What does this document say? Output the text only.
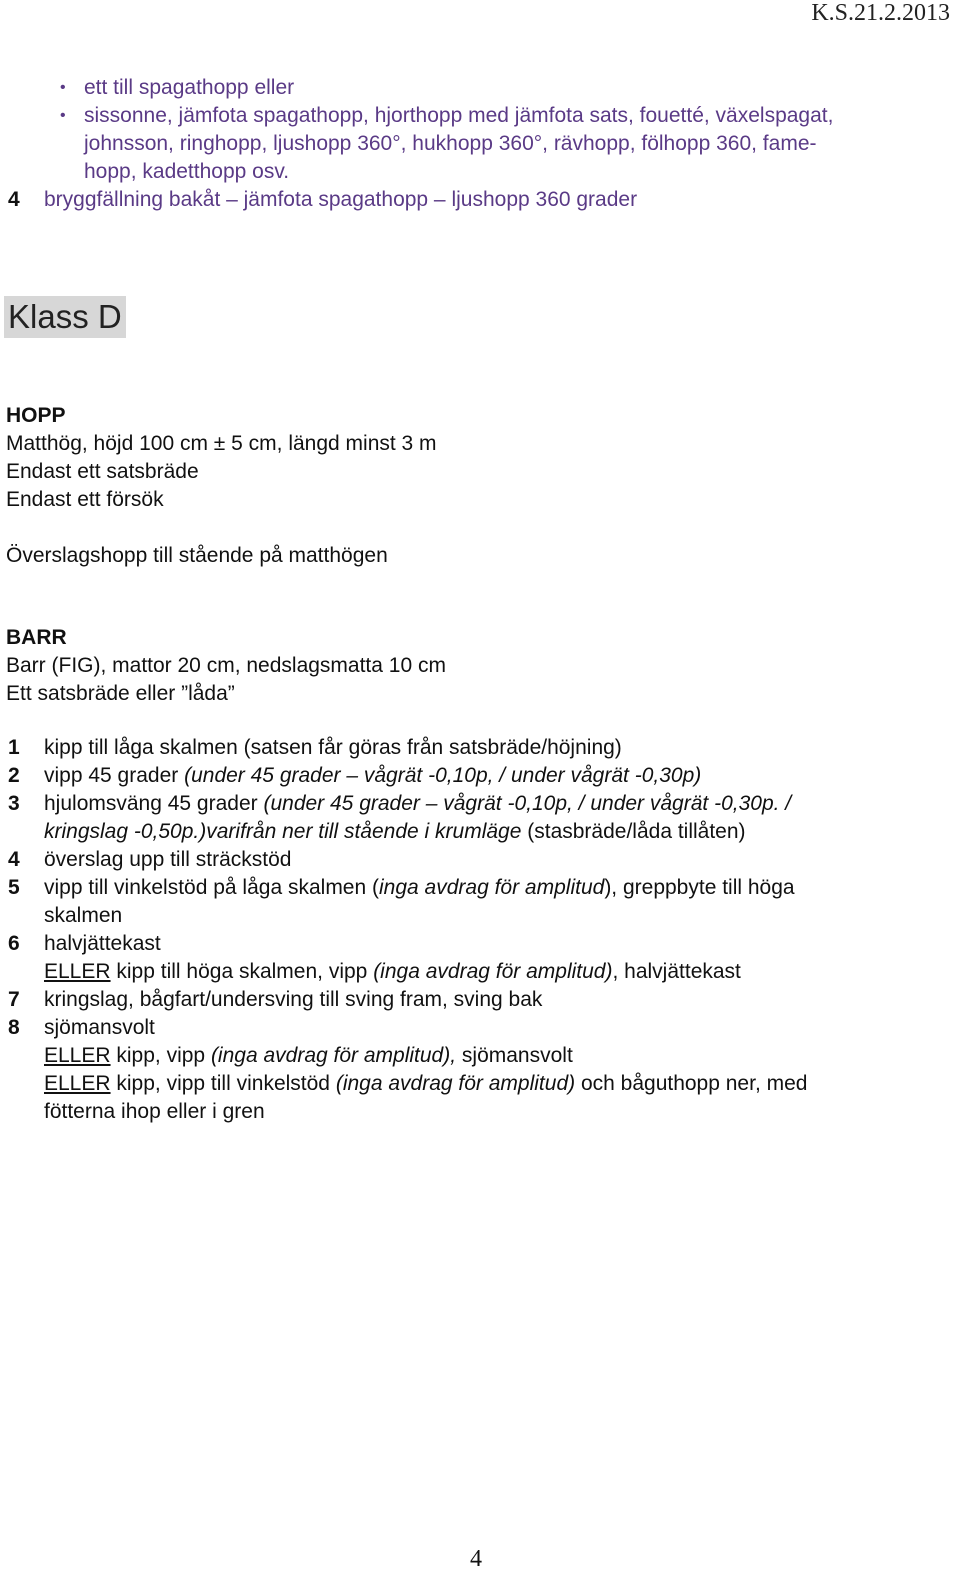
K.S.21.2.2013
• ett till spagathopp eller
• sissonne, jämfota spagathopp, hjorthopp med jämfota sats, fouetté, växelspagat,
johnsson, ringhopp, ljushopp 360°, hukhopp 360°, rävhopp, fölhopp 360, fame-
hopp, kadetthopp osv.
4 bryggfällning bakåt – jämfota spagathopp – ljushopp 360 grader
Klass D
HOPP
Matthög, höjd 100 cm ± 5 cm, längd minst 3 m
Endast ett satsbräde
Endast ett försök
Överslagshopp till stående på matthögen
BARR
Barr (FIG), mattor 20 cm, nedslagsmatta 10 cm
Ett satsbräde eller ”låda”
1 kipp till låga skalmen (satsen får göras från satsbräde/höjning)
2 vipp 45 grader (under 45 grader – vågrät -0,10p, / under vågrät -0,30p)
3 hjulomsväng 45 grader (under 45 grader – vågrät -0,10p, / under vågrät -0,30p. /
kringslag -0,50p.)varifrån ner till stående i krumläge (stasbräde/låda tillåten)
4 överslag upp till sträckstöd
5 vipp till vinkelstöd på låga skalmen (inga avdrag för amplitud), greppbyte till höga
skalmen
6 halvjättekast
ELLER kipp till höga skalmen, vipp (inga avdrag för amplitud), halvjättekast
7 kringslag, bågfart/undersving till sving fram, sving bak
8 sjömansvolt
ELLER kipp, vipp (inga avdrag för amplitud), sjömansvolt
ELLER kipp, vipp till vinkelstöd (inga avdrag för amplitud) och båguthopp ner, med
fötterna ihop eller i gren
4
